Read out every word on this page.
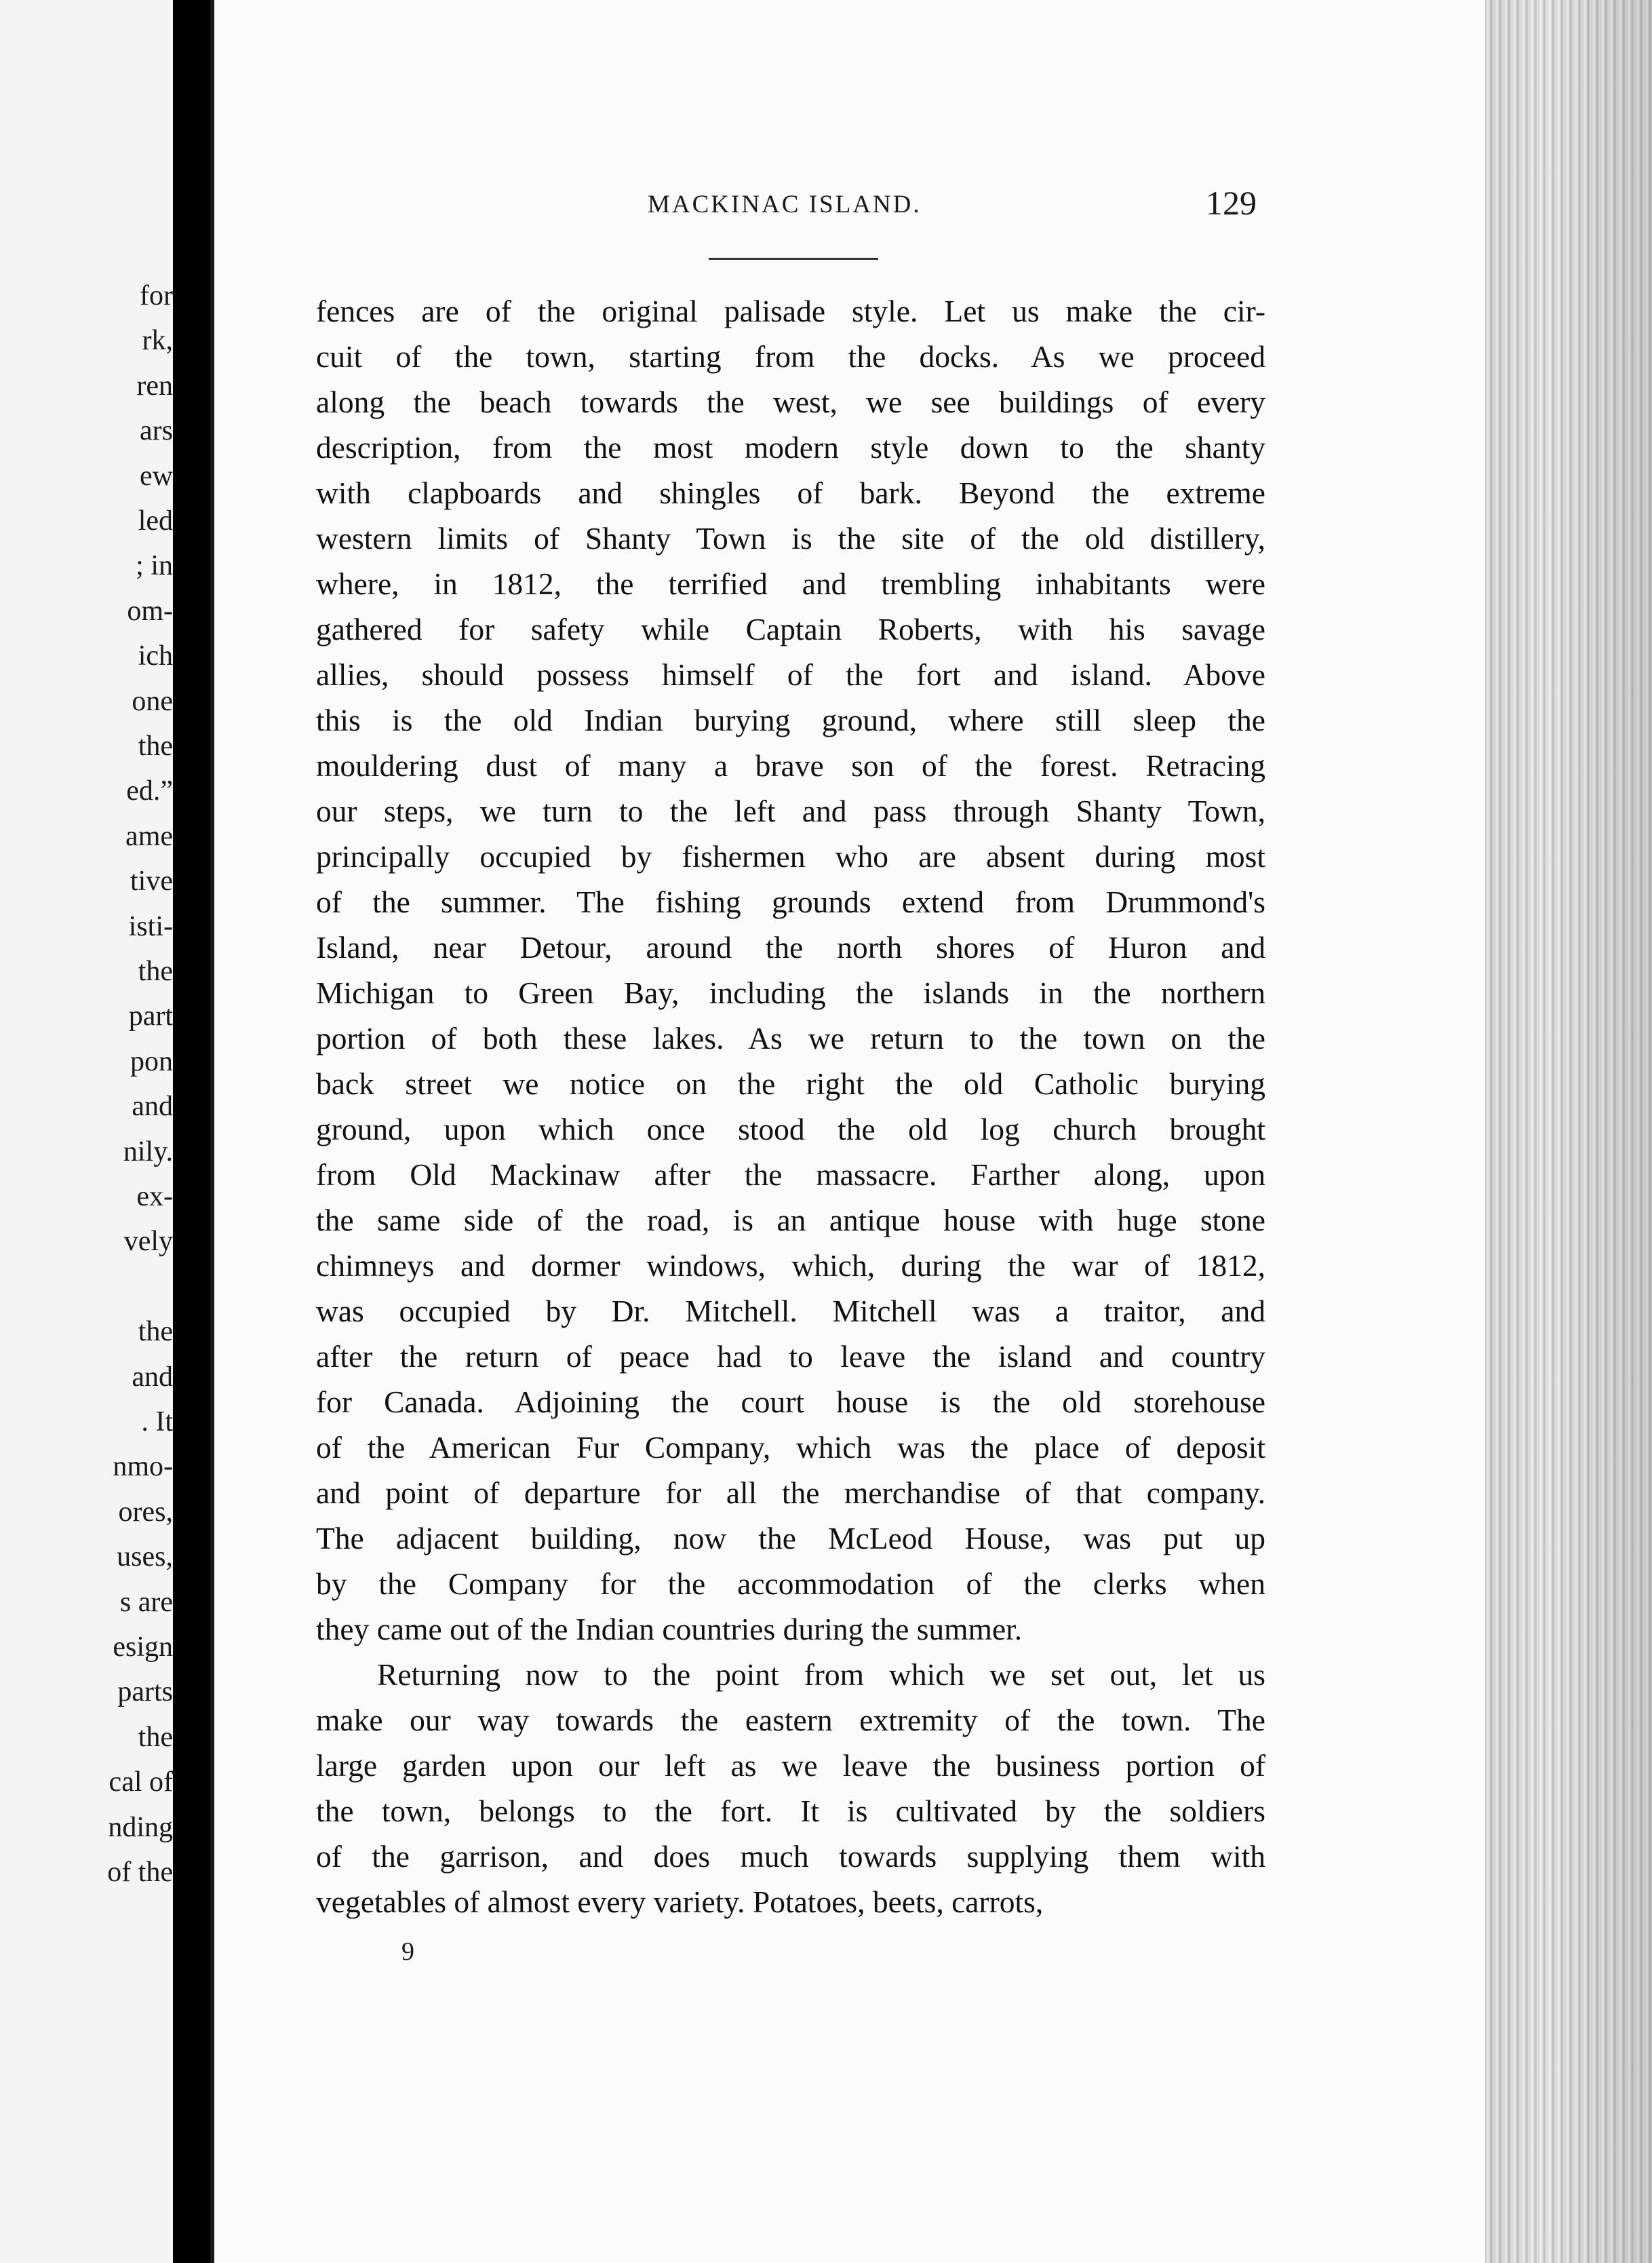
for
rk,
ren
ars
ew
led
; in
om-
ich
one
the
ed.”
ame
tive
isti-
the
part
pon
and
nily.
ex-
vely
the
and
. It
nmo-
ores,
uses,
s are
esign
parts
the
cal of
nding
of the
MACKINAC ISLAND.	129
fences are of the original palisade style. Let us make the cir-
cuit of the town, starting from the docks. As we proceed
along the beach towards the west, we see buildings of every
description, from the most modern style down to the shanty
with clapboards and shingles of bark. Beyond the extreme
western limits of Shanty Town is the site of the old distillery,
where, in 1812, the terrified and trembling inhabitants were
gathered for safety while Captain Roberts, with his savage
allies, should possess himself of the fort and island. Above
this is the old Indian burying ground, where still sleep the
mouldering dust of many a brave son of the forest. Retracing
our steps, we turn to the left and pass through Shanty Town,
principally occupied by fishermen who are absent during most
of the summer. The fishing grounds extend from Drummond's
Island, near Detour, around the north shores of Huron and
Michigan to Green Bay, including the islands in the northern
portion of both these lakes. As we return to the town on the
back street we notice on the right the old Catholic burying
ground, upon which once stood the old log church brought
from Old Mackinaw after the massacre. Farther along, upon
the same side of the road, is an antique house with huge stone
chimneys and dormer windows, which, during the war of 1812,
was occupied by Dr. Mitchell. Mitchell was a traitor, and
after the return of peace had to leave the island and country
for Canada. Adjoining the court house is the old storehouse
of the American Fur Company, which was the place of deposit
and point of departure for all the merchandise of that company.
The adjacent building, now the McLeod House, was put up
by the Company for the accommodation of the clerks when
they came out of the Indian countries during the summer.
Returning now to the point from which we set out, let us
make our way towards the eastern extremity of the town. The
large garden upon our left as we leave the business portion of
the town, belongs to the fort. It is cultivated by the soldiers
of the garrison, and does much towards supplying them with
vegetables of almost every variety. Potatoes, beets, carrots,
9
